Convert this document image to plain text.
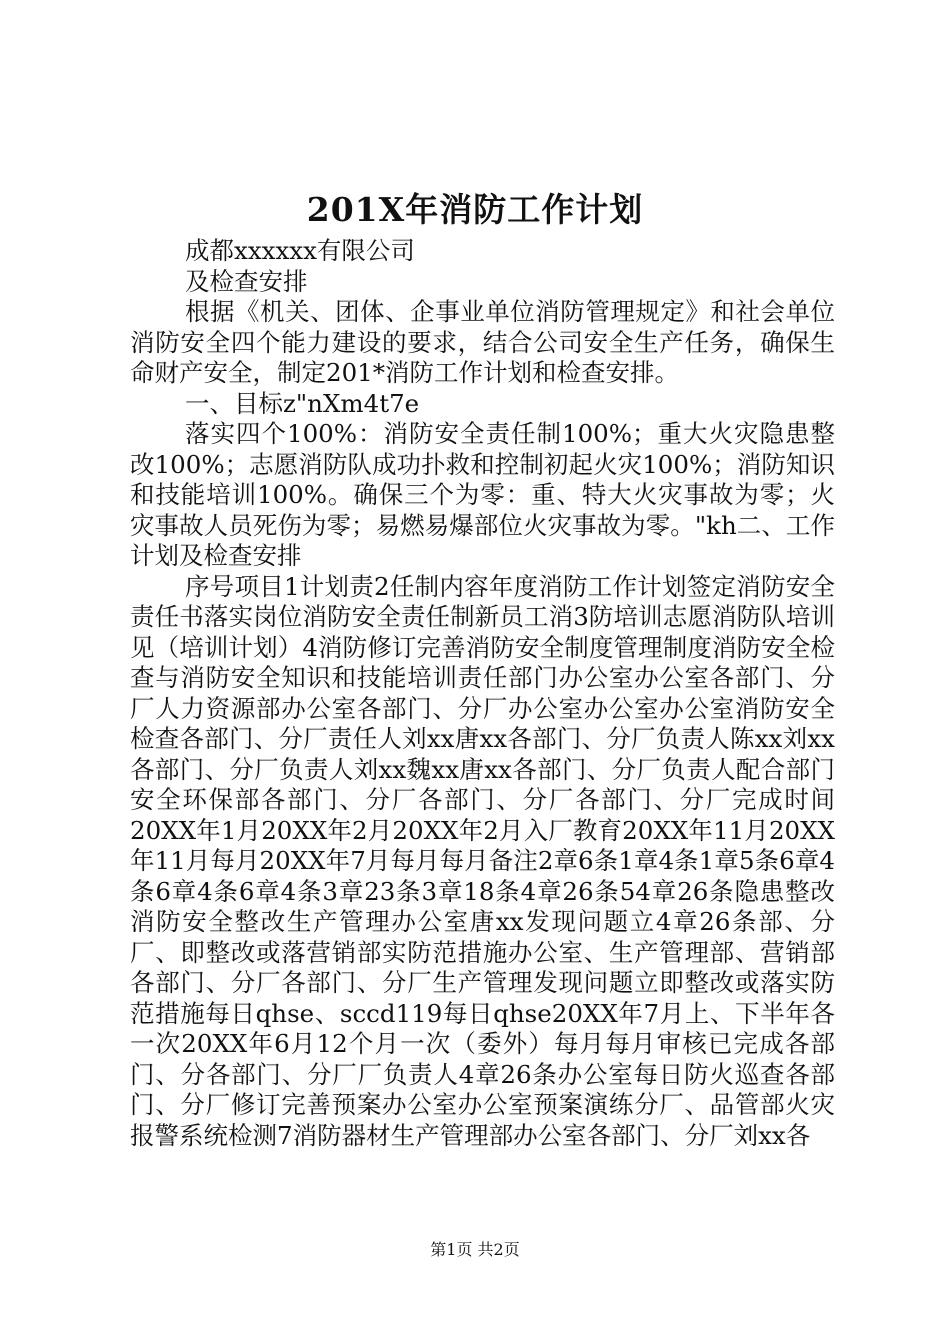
201X年消防工作计划

成都xxxxxx有限公司

及检查安排

根据《机关、团体、企事业单位消防管理规定》和社会单位消防安全四个能力建设的要求，结合公司安全生产任务，确保生命财产安全，制定201*消防工作计划和检查安排。

一、目标z"nXm4t7e

落实四个100%：消防安全责任制100%；重大火灾隐患整改100%；志愿消防队成功扑救和控制初起火灾100%；消防知识和技能培训100%。确保三个为零：重、特大火灾事故为零；火灾事故人员死伤为零；易燃易爆部位火灾事故为零。"kh二、工作计划及检查安排

序号项目1计划责2任制内容年度消防工作计划签定消防安全责任书落实岗位消防安全责任制新员工消3防培训志愿消防队培训见（培训计划）4消防修订完善消防安全制度管理制度消防安全检查与消防安全知识和技能培训责任部门办公室办公室各部门、分厂人力资源部办公室各部门、分厂办公室办公室办公室消防安全检查各部门、分厂责任人刘xx唐xx各部门、分厂负责人陈xx刘xx各部门、分厂负责人刘xx魏xx唐xx各部门、分厂负责人配合部门安全环保部各部门、分厂各部门、分厂各部门、分厂完成时间20XX年1月20XX年2月20XX年2月入厂教育20XX年11月20XX年11月每月20XX年7月每月每月备注2章6条1章4条1章5条6章4条6章4条6章4条3章23条3章18条4章26条54章26条隐患整改消防安全整改生产管理办公室唐xx发现问题立4章26条部、分厂、即整改或落营销部实防范措施办公室、生产管理部、营销部各部门、分厂各部门、分厂生产管理发现问题立即整改或落实防范措施每日qhse、sccd119每日qhse20XX年7月上、下半年各一次20XX年6月12个月一次（委外）每月每月审核已完成各部门、分各部门、分厂厂负责人4章26条办公室每日防火巡查各部门、分厂修订完善预案办公室办公室预案演练分厂、品管部火灾报警系统检测7消防器材生产管理部办公室各部门、分厂刘xx各

第1页 共2页
